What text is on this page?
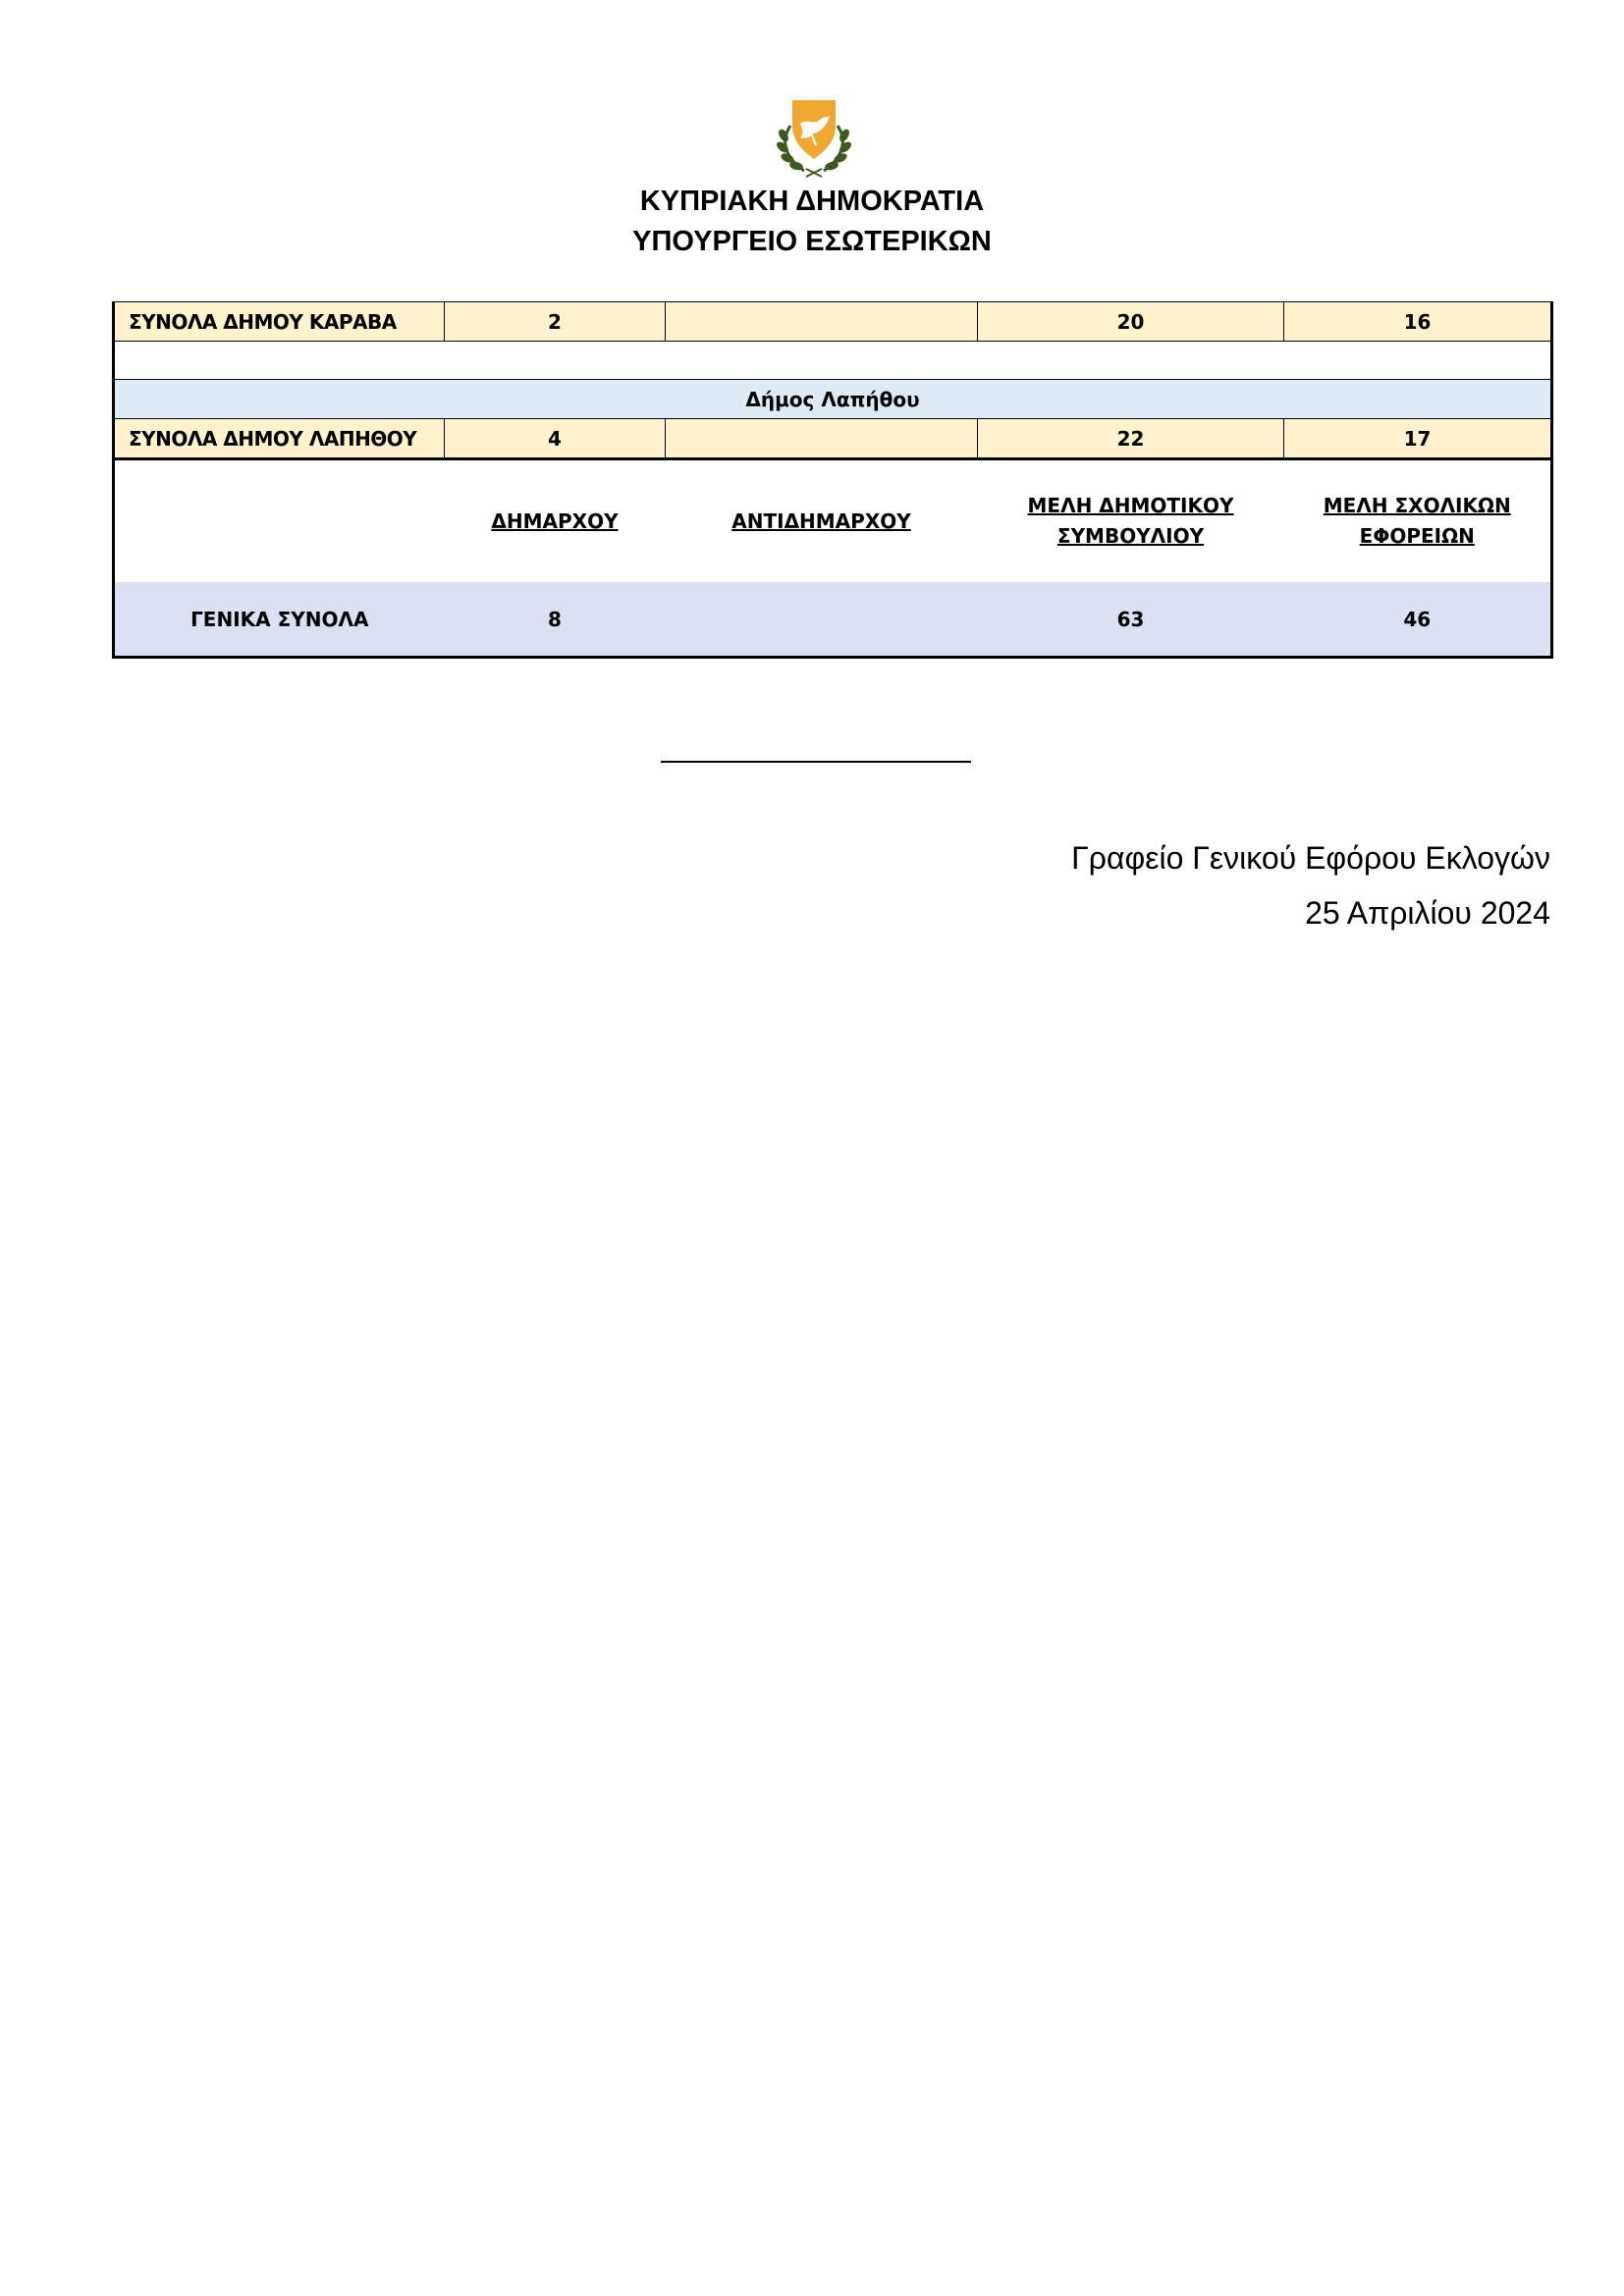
ΚΥΠΡΙΑΚΗ ΔΗΜΟΚΡΑΤΙΑ
ΥΠΟΥΡΓΕΙΟ ΕΣΩΤΕΡΙΚΩΝ
ΣΥΝΟΛΑ ΔΗΜΟΥ ΚΑΡΑΒΑ	2		20	16

Δήμος Λαπήθου				
ΣΥΝΟΛΑ ΔΗΜΟΥ ΛΑΠΗΘΟΥ	4		22	17
	ΔΗΜΑΡΧΟΥ	ΑΝΤΙΔΗΜΑΡΧΟΥ	ΜΕΛΗ ΔΗΜΟΤΙΚΟΥ ΣΥΜΒΟΥΛΙΟΥ	ΜΕΛΗ ΣΧΟΛΙΚΩΝ ΕΦΟΡΕΙΩΝ
ΓΕΝΙΚΑ ΣΥΝΟΛΑ	8		63	46
Γραφείο Γενικού Εφόρου Εκλογών
25 Απριλίου 2024
